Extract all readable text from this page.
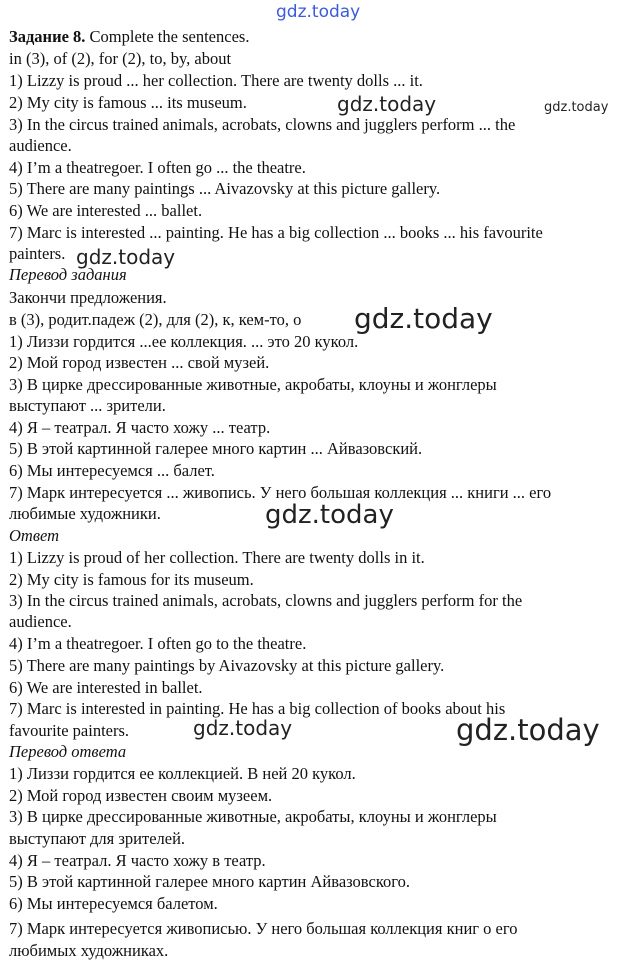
gdz.today
gdz.today	gdz.today
gdz.today
gdz.today
gdz.today
gdz.today	gdz.today
Задание 8. Complete the sentences.
in (3), of (2), for (2), to, by, about
1) Lizzy is proud ... her collection. There are twenty dolls ... it.
2) My city is famous ... its museum.
3) In the circus trained animals, acrobats, clowns and jugglers perform ... the
audience.
4) I’m a theatregoer. I often go ... the theatre.
5) There are many paintings ... Aivazovsky at this picture gallery.
6) We are interested ... ballet.
7) Marc is interested ... painting. He has a big collection ... books ... his favourite
painters.
Перевод задания
Закончи предложения.
в (3), родит.падеж (2), для (2), к, кем-то, о
1) Лиззи гордится ...ее коллекция. ... это 20 кукол.
2) Мой город известен ... свой музей.
3) В цирке дрессированные животные, акробаты, клоуны и жонглеры
выступают ... зрители.
4) Я – театрал. Я часто хожу ... театр.
5) В этой картинной галерее много картин ... Айвазовский.
6) Мы интересуемся ... балет.
7) Марк интересуется ... живопись. У него большая коллекция ... книги ... его
любимые художники.
Ответ
1) Lizzy is proud of her collection. There are twenty dolls in it.
2) My city is famous for its museum.
3) In the circus trained animals, acrobats, clowns and jugglers perform for the
audience.
4) I’m a theatregoer. I often go to the theatre.
5) There are many paintings by Aivazovsky at this picture gallery.
6) We are interested in ballet.
7) Marc is interested in painting. He has a big collection of books about his
favourite painters.
Перевод ответа
1) Лиззи гордится ее коллекцией. В ней 20 кукол.
2) Мой город известен своим музеем.
3) В цирке дрессированные животные, акробаты, клоуны и жонглеры
выступают для зрителей.
4) Я – театрал. Я часто хожу в театр.
5) В этой картинной галерее много картин Айвазовского.
6) Мы интересуемся балетом.
7) Марк интересуется живописью. У него большая коллекция книг о его
любимых художниках.
